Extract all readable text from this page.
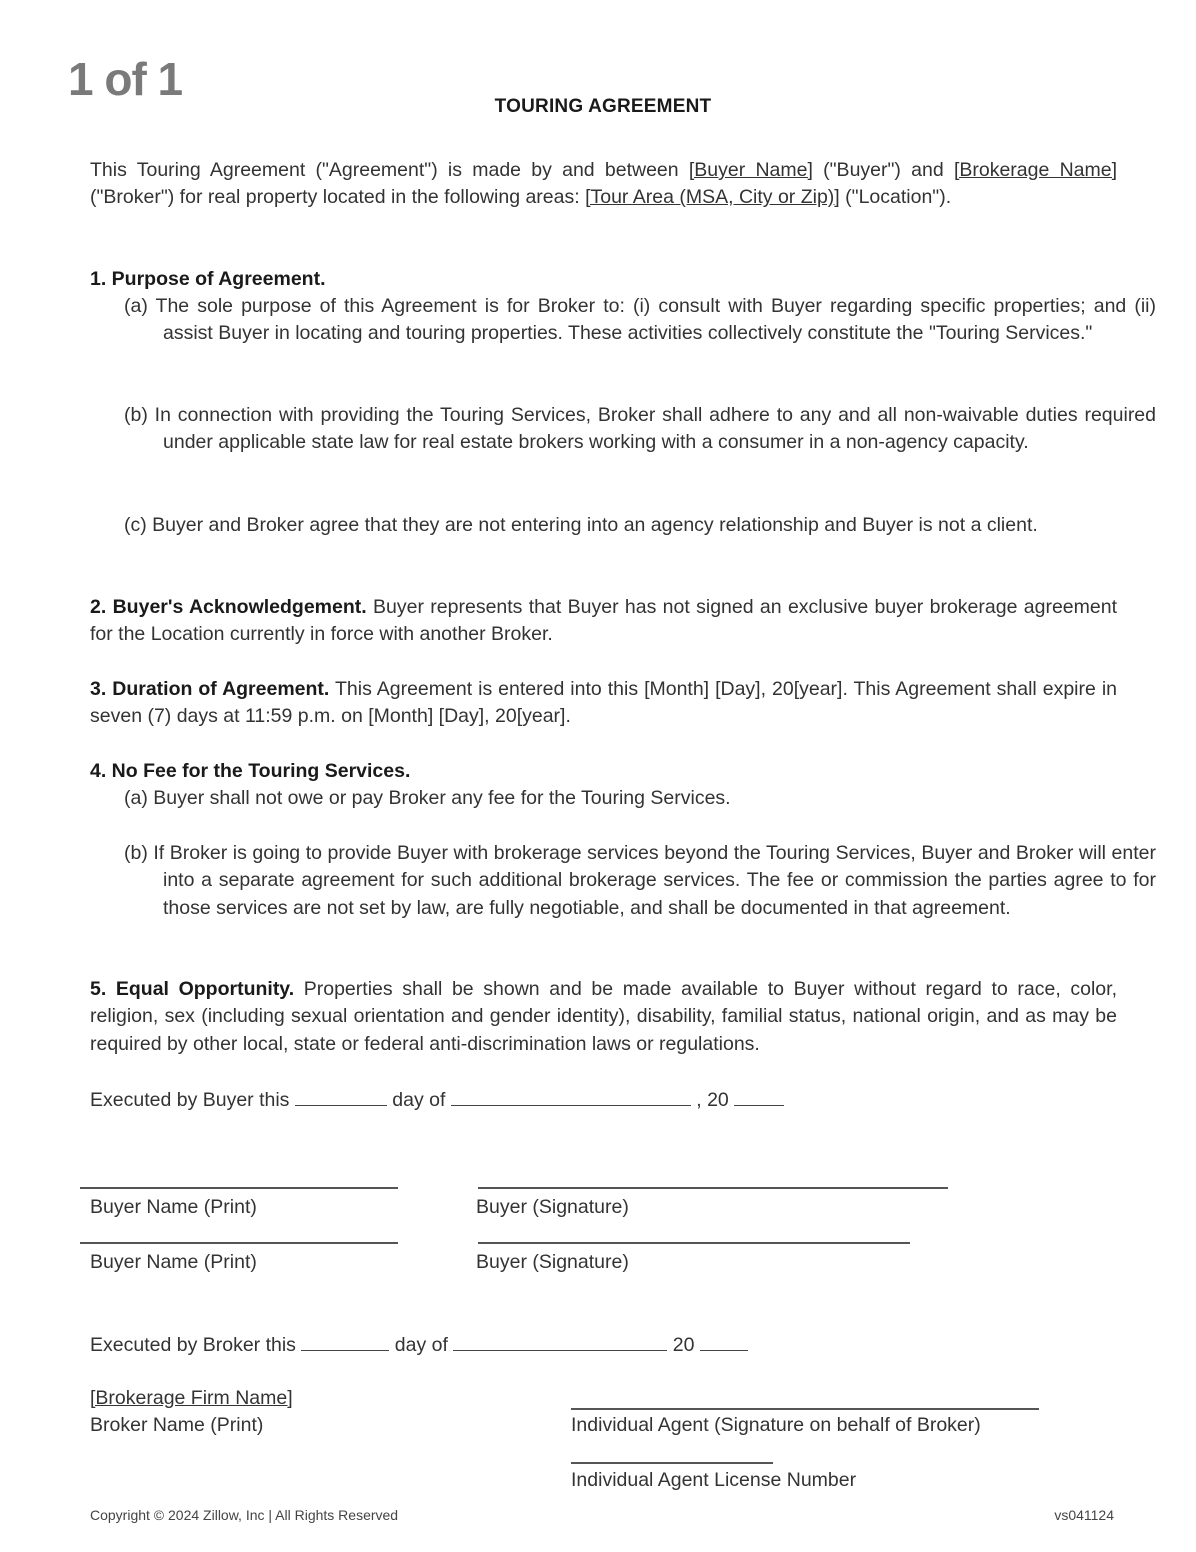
1 of 1
TOURING AGREEMENT
This Touring Agreement ("Agreement") is made by and between [Buyer Name] ("Buyer") and [Brokerage Name] ("Broker") for real property located in the following areas: [Tour Area (MSA, City or Zip)] ("Location").
1. Purpose of Agreement.
(a) The sole purpose of this Agreement is for Broker to: (i) consult with Buyer regarding specific properties; and (ii) assist Buyer in locating and touring properties. These activities collectively constitute the "Touring Services."
(b) In connection with providing the Touring Services, Broker shall adhere to any and all non-waivable duties required under applicable state law for real estate brokers working with a consumer in a non-agency capacity.
(c) Buyer and Broker agree that they are not entering into an agency relationship and Buyer is not a client.
2. Buyer's Acknowledgement. Buyer represents that Buyer has not signed an exclusive buyer brokerage agreement for the Location currently in force with another Broker.
3. Duration of Agreement. This Agreement is entered into this [Month] [Day], 20[year]. This Agreement shall expire in seven (7) days at 11:59 p.m. on [Month] [Day], 20[year].
4. No Fee for the Touring Services.
(a) Buyer shall not owe or pay Broker any fee for the Touring Services.
(b) If Broker is going to provide Buyer with brokerage services beyond the Touring Services, Buyer and Broker will enter into a separate agreement for such additional brokerage services. The fee or commission the parties agree to for those services are not set by law, are fully negotiable, and shall be documented in that agreement.
5. Equal Opportunity. Properties shall be shown and be made available to Buyer without regard to race, color, religion, sex (including sexual orientation and gender identity), disability, familial status, national origin, and as may be required by other local, state or federal anti-discrimination laws or regulations.
Executed by Buyer this	day of	, 20
Buyer Name (Print)	Buyer (Signature)
Buyer Name (Print)	Buyer (Signature)
Executed by Broker this	day of	20
[Brokerage Firm Name]
Broker Name (Print)	Individual Agent (Signature on behalf of Broker)
Individual Agent License Number
Copyright © 2024 Zillow, Inc | All Rights Reserved	vs041124
